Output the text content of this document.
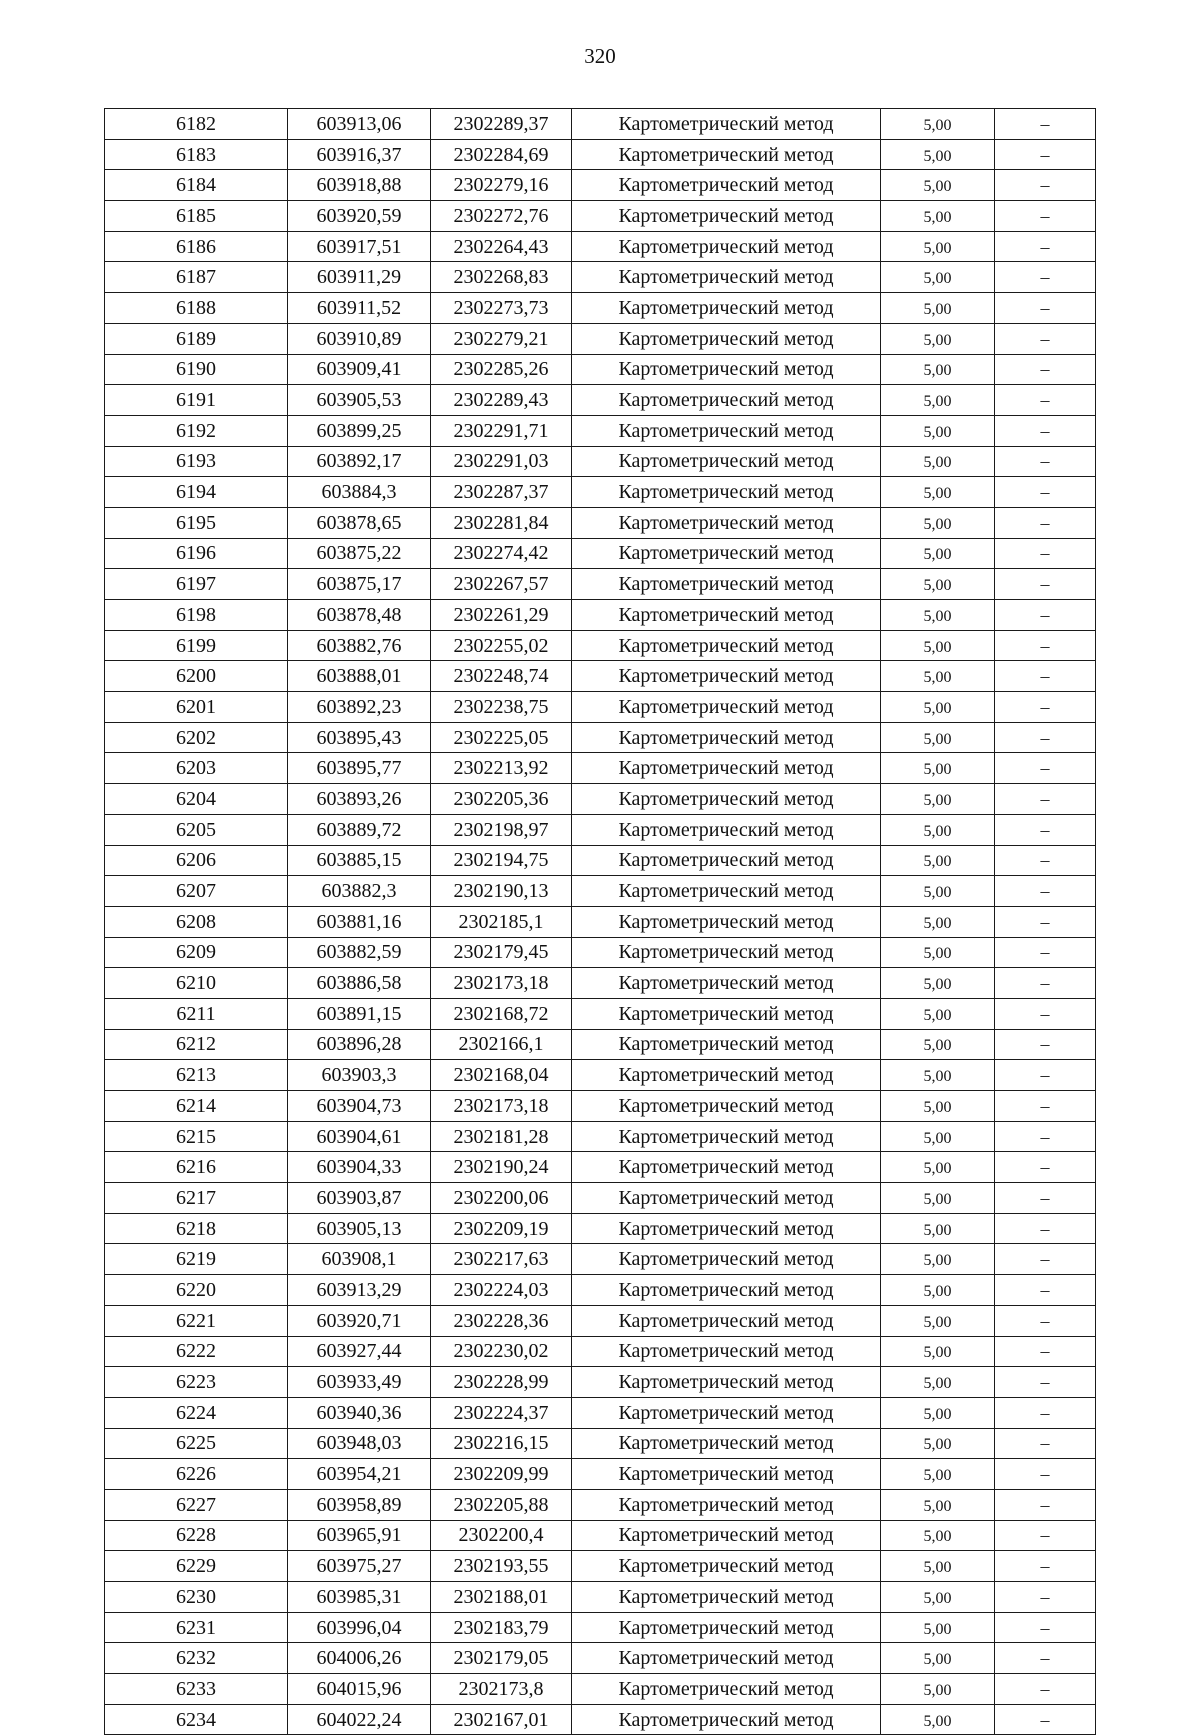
320
6182	603913,06	2302289,37	Картометрический метод	5,00	–
6183	603916,37	2302284,69	Картометрический метод	5,00	–
6184	603918,88	2302279,16	Картометрический метод	5,00	–
6185	603920,59	2302272,76	Картометрический метод	5,00	–
6186	603917,51	2302264,43	Картометрический метод	5,00	–
6187	603911,29	2302268,83	Картометрический метод	5,00	–
6188	603911,52	2302273,73	Картометрический метод	5,00	–
6189	603910,89	2302279,21	Картометрический метод	5,00	–
6190	603909,41	2302285,26	Картометрический метод	5,00	–
6191	603905,53	2302289,43	Картометрический метод	5,00	–
6192	603899,25	2302291,71	Картометрический метод	5,00	–
6193	603892,17	2302291,03	Картометрический метод	5,00	–
6194	603884,3	2302287,37	Картометрический метод	5,00	–
6195	603878,65	2302281,84	Картометрический метод	5,00	–
6196	603875,22	2302274,42	Картометрический метод	5,00	–
6197	603875,17	2302267,57	Картометрический метод	5,00	–
6198	603878,48	2302261,29	Картометрический метод	5,00	–
6199	603882,76	2302255,02	Картометрический метод	5,00	–
6200	603888,01	2302248,74	Картометрический метод	5,00	–
6201	603892,23	2302238,75	Картометрический метод	5,00	–
6202	603895,43	2302225,05	Картометрический метод	5,00	–
6203	603895,77	2302213,92	Картометрический метод	5,00	–
6204	603893,26	2302205,36	Картометрический метод	5,00	–
6205	603889,72	2302198,97	Картометрический метод	5,00	–
6206	603885,15	2302194,75	Картометрический метод	5,00	–
6207	603882,3	2302190,13	Картометрический метод	5,00	–
6208	603881,16	2302185,1	Картометрический метод	5,00	–
6209	603882,59	2302179,45	Картометрический метод	5,00	–
6210	603886,58	2302173,18	Картометрический метод	5,00	–
6211	603891,15	2302168,72	Картометрический метод	5,00	–
6212	603896,28	2302166,1	Картометрический метод	5,00	–
6213	603903,3	2302168,04	Картометрический метод	5,00	–
6214	603904,73	2302173,18	Картометрический метод	5,00	–
6215	603904,61	2302181,28	Картометрический метод	5,00	–
6216	603904,33	2302190,24	Картометрический метод	5,00	–
6217	603903,87	2302200,06	Картометрический метод	5,00	–
6218	603905,13	2302209,19	Картометрический метод	5,00	–
6219	603908,1	2302217,63	Картометрический метод	5,00	–
6220	603913,29	2302224,03	Картометрический метод	5,00	–
6221	603920,71	2302228,36	Картометрический метод	5,00	–
6222	603927,44	2302230,02	Картометрический метод	5,00	–
6223	603933,49	2302228,99	Картометрический метод	5,00	–
6224	603940,36	2302224,37	Картометрический метод	5,00	–
6225	603948,03	2302216,15	Картометрический метод	5,00	–
6226	603954,21	2302209,99	Картометрический метод	5,00	–
6227	603958,89	2302205,88	Картометрический метод	5,00	–
6228	603965,91	2302200,4	Картометрический метод	5,00	–
6229	603975,27	2302193,55	Картометрический метод	5,00	–
6230	603985,31	2302188,01	Картометрический метод	5,00	–
6231	603996,04	2302183,79	Картометрический метод	5,00	–
6232	604006,26	2302179,05	Картометрический метод	5,00	–
6233	604015,96	2302173,8	Картометрический метод	5,00	–
6234	604022,24	2302167,01	Картометрический метод	5,00	–
